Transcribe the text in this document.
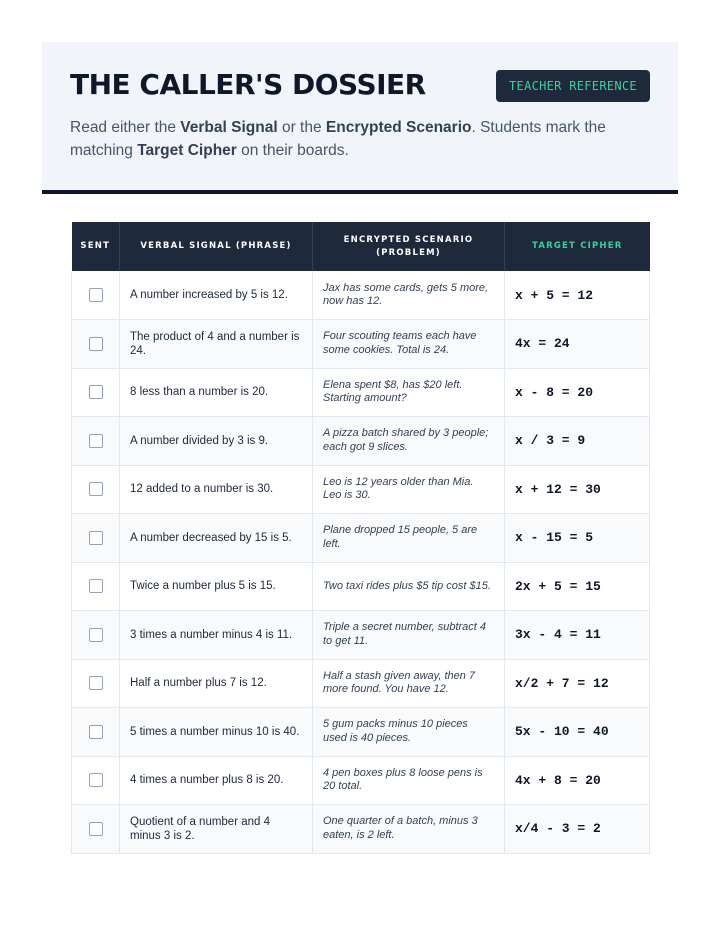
THE CALLER'S DOSSIER	TEACHER REFERENCE

Read either the Verbal Signal or the Encrypted Scenario. Students mark the matching Target Cipher on their boards.

SENT	VERBAL SIGNAL (PHRASE)	ENCRYPTED SCENARIO (PROBLEM)	TARGET CIPHER
	A number increased by 5 is 12.	Jax has some cards, gets 5 more, now has 12.	x + 5 = 12
	The product of 4 and a number is 24.	Four scouting teams each have some cookies. Total is 24.	4x = 24
	8 less than a number is 20.	Elena spent $8, has $20 left. Starting amount?	x - 8 = 20
	A number divided by 3 is 9.	A pizza batch shared by 3 people; each got 9 slices.	x / 3 = 9
	12 added to a number is 30.	Leo is 12 years older than Mia. Leo is 30.	x + 12 = 30
	A number decreased by 15 is 5.	Plane dropped 15 people, 5 are left.	x - 15 = 5
	Twice a number plus 5 is 15.	Two taxi rides plus $5 tip cost $15.	2x + 5 = 15
	3 times a number minus 4 is 11.	Triple a secret number, subtract 4 to get 11.	3x - 4 = 11
	Half a number plus 7 is 12.	Half a stash given away, then 7 more found. You have 12.	x/2 + 7 = 12
	5 times a number minus 10 is 40.	5 gum packs minus 10 pieces used is 40 pieces.	5x - 10 = 40
	4 times a number plus 8 is 20.	4 pen boxes plus 8 loose pens is 20 total.	4x + 8 = 20
	Quotient of a number and 4 minus 3 is 2.	One quarter of a batch, minus 3 eaten, is 2 left.	x/4 - 3 = 2
